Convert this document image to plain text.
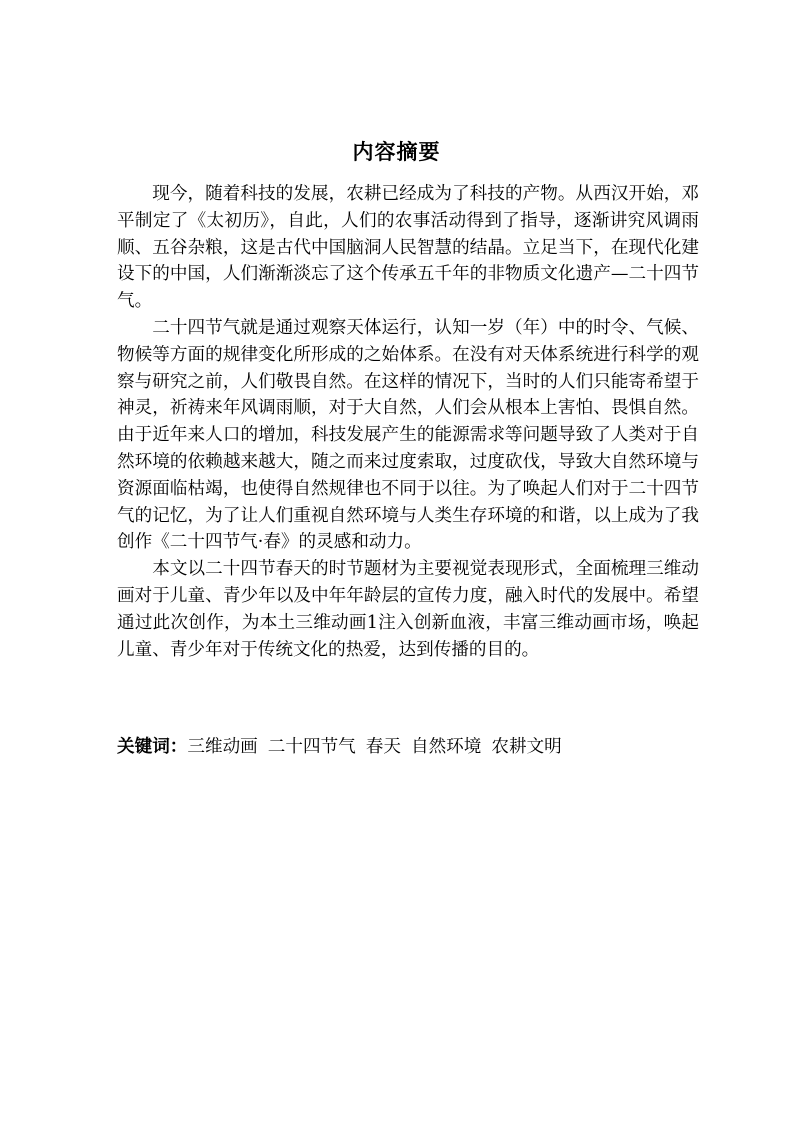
内容摘要

现今，随着科技的发展，农耕已经成为了科技的产物。从西汉开始，邓平制定了《太初历》，自此，人们的农事活动得到了指导，逐渐讲究风调雨顺、五谷杂粮，这是古代中国脑洞人民智慧的结晶。立足当下，在现代化建设下的中国，人们渐渐淡忘了这个传承五千年的非物质文化遗产—二十四节气。

二十四节气就是通过观察天体运行，认知一岁（年）中的时令、气候、物候等方面的规律变化所形成的之始体系。在没有对天体系统进行科学的观察与研究之前，人们敬畏自然。在这样的情况下，当时的人们只能寄希望于神灵，祈祷来年风调雨顺，对于大自然，人们会从根本上害怕、畏惧自然。由于近年来人口的增加，科技发展产生的能源需求等问题导致了人类对于自然环境的依赖越来越大，随之而来过度索取，过度砍伐，导致大自然环境与资源面临枯竭，也使得自然规律也不同于以往。为了唤起人们对于二十四节气的记忆，为了让人们重视自然环境与人类生存环境的和谐，以上成为了我创作《二十四节气·春》的灵感和动力。

本文以二十四节春天的时节题材为主要视觉表现形式，全面梳理三维动画对于儿童、青少年以及中年年龄层的宣传力度，融入时代的发展中。希望通过此次创作，为本土三维动画1注入创新血液，丰富三维动画市场，唤起儿童、青少年对于传统文化的热爱，达到传播的目的。

关键词：三维动画 二十四节气 春天 自然环境 农耕文明
